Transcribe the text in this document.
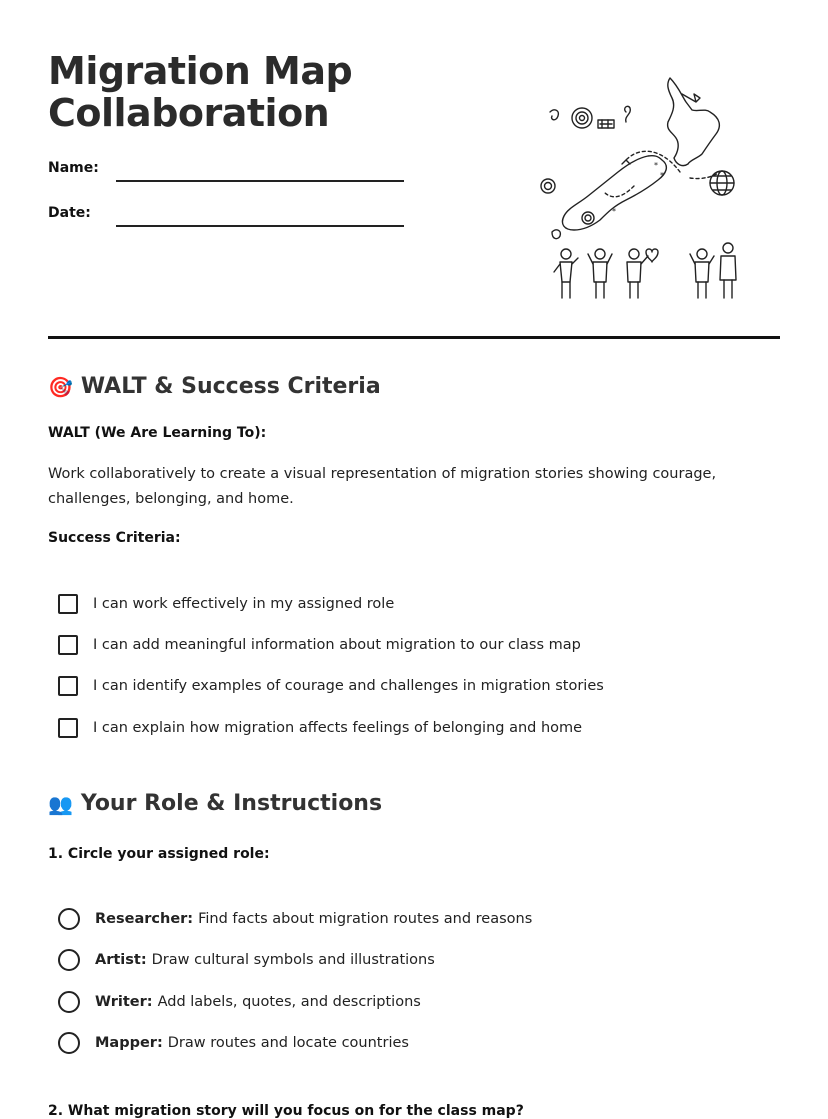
Migration Map
Collaboration
Name:
Date:
*
*
*
🎯 WALT & Success Criteria
WALT (We Are Learning To):
Work collaboratively to create a visual representation of migration stories showing courage, challenges, belonging, and home.
Success Criteria:
I can work effectively in my assigned role
I can add meaningful information about migration to our class map
I can identify examples of courage and challenges in migration stories
I can explain how migration affects feelings of belonging and home
👥 Your Role & Instructions
1. Circle your assigned role:
Researcher: Find facts about migration routes and reasons
Artist: Draw cultural symbols and illustrations
Writer: Add labels, quotes, and descriptions
Mapper: Draw routes and locate countries
2. What migration story will you focus on for the class map?
